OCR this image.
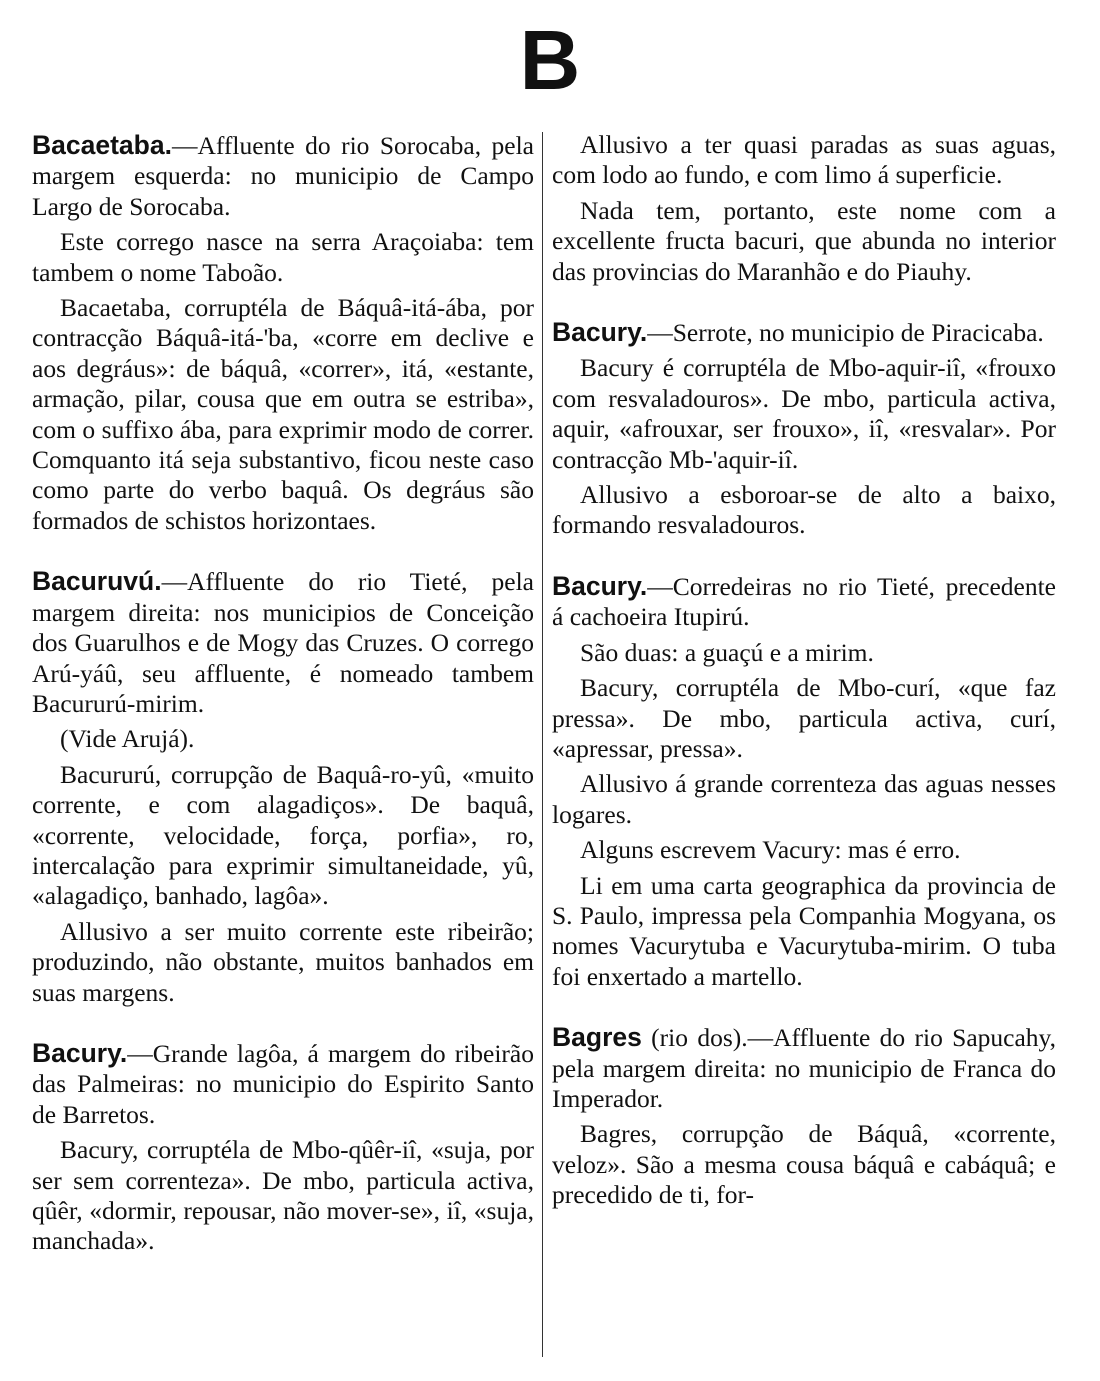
B

Bacaetaba.—Affluente do rio Sorocaba, pela margem esquerda: no municipio de Campo Largo de Sorocaba.

Este corrego nasce na serra Araçoiaba: tem tambem o nome Taboão.

Bacaetaba, corruptéla de Báquâ-itá-ába, por contracção Báquâ-itá-'ba, «corre em declive e aos degráus»: de báquâ, «correr», itá, «estante, armação, pilar, cousa que em outra se estriba», com o suffixo ába, para exprimir modo de correr. Comquanto itá seja substantivo, ficou neste caso como parte do verbo baquâ. Os degráus são formados de schistos horizontaes.

Bacuruvú.—Affluente do rio Tieté, pela margem direita: nos municipios de Conceição dos Guarulhos e de Mogy das Cruzes. O corrego Arú-yáû, seu affluente, é nomeado tambem Bacururú-mirim.

(Vide Arujá).

Bacururú, corrupção de Baquâ-ro-yû, «muito corrente, e com alagadiços». De baquâ, «corrente, velocidade, força, porfia», ro, intercalação para exprimir simultaneidade, yû, «alagadiço, banhado, lagôa».

Allusivo a ser muito corrente este ribeirão; produzindo, não obstante, muitos banhados em suas margens.

Bacury.—Grande lagôa, á margem do ribeirão das Palmeiras: no municipio do Espirito Santo de Barretos.

Bacury, corruptéla de Mbo-qûêr-iî, «suja, por ser sem correnteza». De mbo, particula activa, qûêr, «dormir, repousar, não mover-se», iî, «suja, manchada».

Allusivo a ter quasi paradas as suas aguas, com lodo ao fundo, e com limo á superficie.

Nada tem, portanto, este nome com a excellente fructa bacuri, que abunda no interior das provincias do Maranhão e do Piauhy.

Bacury.—Serrote, no municipio de Piracicaba.

Bacury é corruptéla de Mbo-aquir-iî, «frouxo com resvaladouros». De mbo, particula activa, aquir, «afrouxar, ser frouxo», iî, «resvalar». Por contracção Mb-'aquir-iî.

Allusivo a esboroar-se de alto a baixo, formando resvaladouros.

Bacury.—Corredeiras no rio Tieté, precedente á cachoeira Itupirú.

São duas: a guaçú e a mirim.

Bacury, corruptéla de Mbo-curí, «que faz pressa». De mbo, particula activa, curí, «apressar, pressa».

Allusivo á grande correnteza das aguas nesses logares.

Alguns escrevem Vacury: mas é erro.

Li em uma carta geographica da provincia de S. Paulo, impressa pela Companhia Mogyana, os nomes Vacurytuba e Vacurytuba-mirim. O tuba foi enxertado a martello.

Bagres (rio dos).—Affluente do rio Sapucahy, pela margem direita: no municipio de Franca do Imperador.

Bagres, corrupção de Báquâ, «corrente, veloz». São a mesma cousa báquâ e cabáquâ; e precedido de ti, for-
